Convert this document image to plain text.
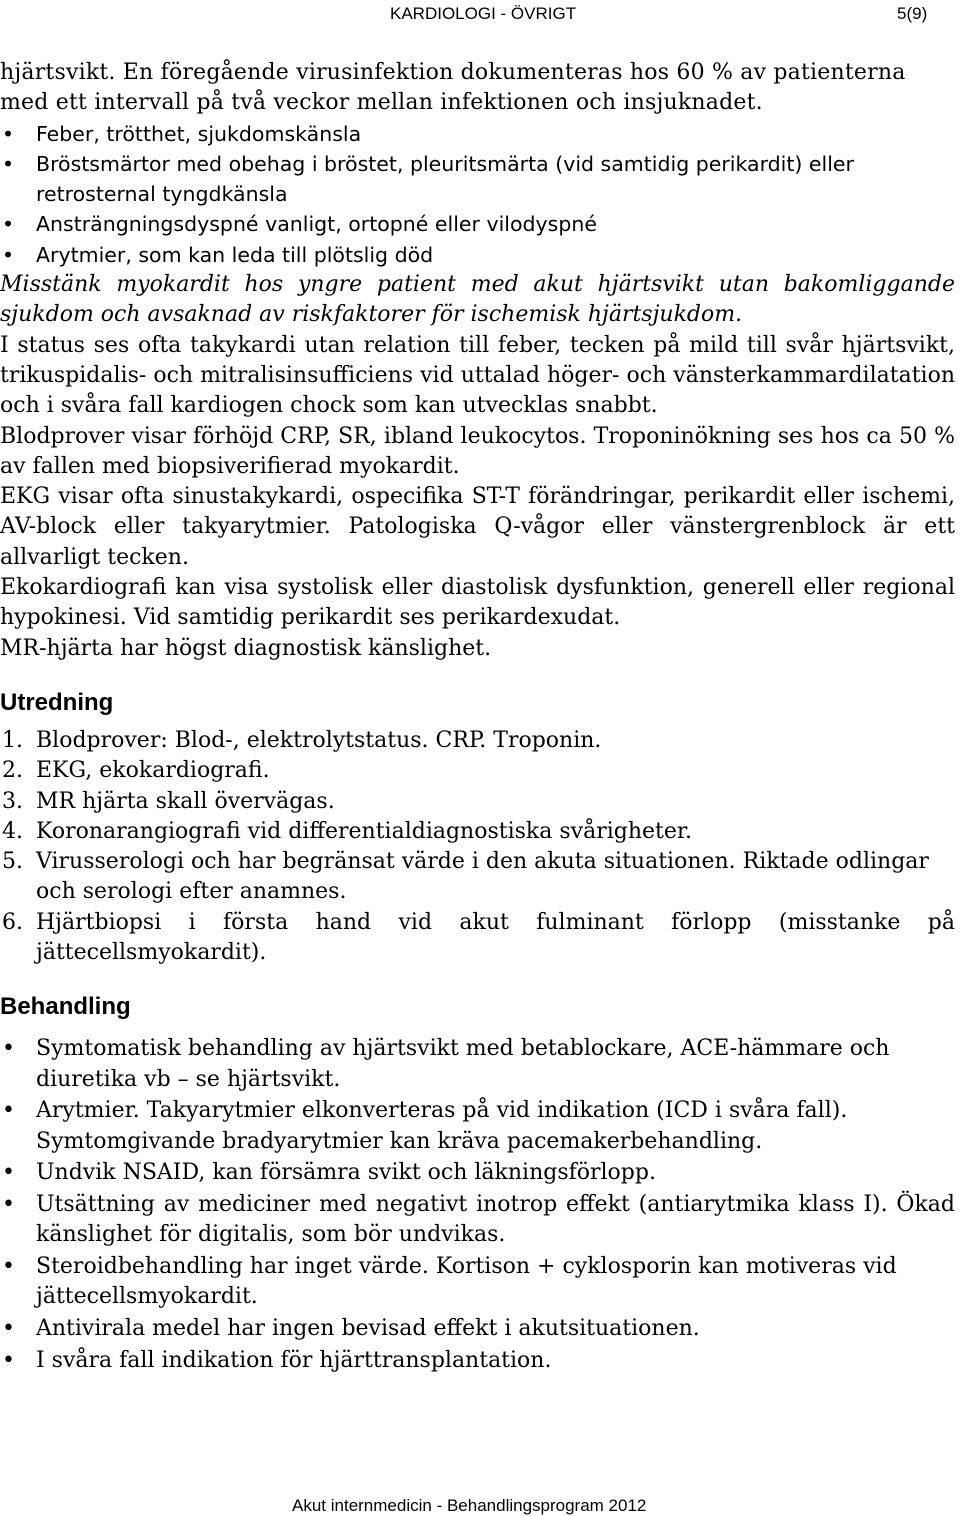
KARDIOLOGI - ÖVRIGT	5(9)

hjärtsvikt. En föregående virusinfektion dokumenteras hos 60 % av patienterna med ett intervall på två veckor mellan infektionen och insjuknadet.

• Feber, trötthet, sjukdomskänsla
• Bröstsmärtor med obehag i bröstet, pleuritsmärta (vid samtidig perikardit) eller retrosternal tyngdkänsla
• Ansträngningsdyspné vanligt, ortopné eller vilodyspné
• Arytmier, som kan leda till plötslig död

Misstänk myokardit hos yngre patient med akut hjärtsvikt utan bakomliggande sjukdom och avsaknad av riskfaktorer för ischemisk hjärtsjukdom.

I status ses ofta takykardi utan relation till feber, tecken på mild till svår hjärtsvikt, trikuspidalis- och mitralisinsufficiens vid uttalad höger- och vänsterkammardilatation och i svåra fall kardiogen chock som kan utvecklas snabbt.

Blodprover visar förhöjd CRP, SR, ibland leukocytos. Troponinökning ses hos ca 50 % av fallen med biopsiverifierad myokardit.

EKG visar ofta sinustakykardi, ospecifika ST-T förändringar, perikardit eller ischemi, AV-block eller takyarytmier. Patologiska Q-vågor eller vänstergrenblock är ett allvarligt tecken.

Ekokardiografi kan visa systolisk eller diastolisk dysfunktion, generell eller regional hypokinesi. Vid samtidig perikardit ses perikardexudat.

MR-hjärta har högst diagnostisk känslighet.

Utredning
1. Blodprover: Blod-, elektrolytstatus. CRP. Troponin.
2. EKG, ekokardiografi.
3. MR hjärta skall övervägas.
4. Koronarangiografi vid differentialdiagnostiska svårigheter.
5. Virusserologi och har begränsat värde i den akuta situationen. Riktade odlingar och serologi efter anamnes.
6. Hjärtbiopsi i första hand vid akut fulminant förlopp (misstanke på jättecellsmyokardit).
Behandling
• Symtomatisk behandling av hjärtsvikt med betablockare, ACE-hämmare och diuretika vb – se hjärtsvikt.
• Arytmier. Takyarytmier elkonverteras på vid indikation (ICD i svåra fall). Symtomgivande bradyarytmier kan kräva pacemakerbehandling.
• Undvik NSAID, kan försämra svikt och läkningsförlopp.
• Utsättning av mediciner med negativt inotrop effekt (antiarytmika klass I). Ökad känslighet för digitalis, som bör undvikas.
• Steroidbehandling har inget värde. Kortison + cyklosporin kan motiveras vid jättecellsmyokardit.
• Antivirala medel har ingen bevisad effekt i akutsituationen.
• I svåra fall indikation för hjärttransplantation.
Akut internmedicin - Behandlingsprogram 2012
